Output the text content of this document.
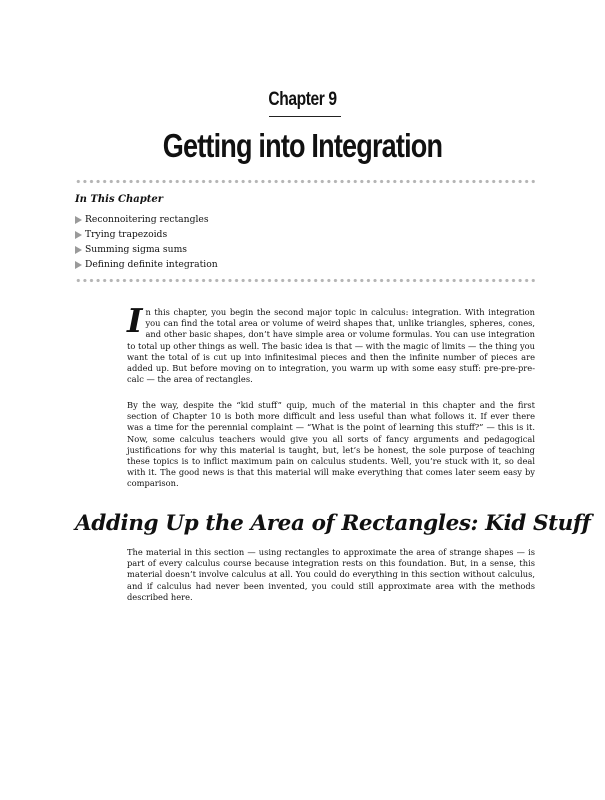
Chapter 9
Getting into Integration
In This Chapter
Reconnoitering rectangles
Trying trapezoids
Summing sigma sums
Defining definite integration

In this chapter, you begin the second major topic in calculus: integration. With integration you can find the total area or volume of weird shapes that, unlike triangles, spheres, cones, and other basic shapes, don’t have simple area or volume formulas. You can use integration to total up other things as well. The basic idea is that — with the magic of limits — the thing you want the total of is cut up into infinitesimal pieces and then the infinite number of pieces are added up. But before moving on to integration, you warm up with some easy stuff: pre-pre-pre-calc — the area of rectangles.

By the way, despite the “kid stuff” quip, much of the material in this chapter and the first section of Chapter 10 is both more difficult and less useful than what follows it. If ever there was a time for the perennial complaint — “What is the point of learning this stuff?” — this is it. Now, some calculus teachers would give you all sorts of fancy arguments and pedagogical justifications for why this material is taught, but, let’s be honest, the sole purpose of teaching these topics is to inflict maximum pain on calculus students. Well, you’re stuck with it, so deal with it. The good news is that this material will make everything that comes later seem easy by comparison.

Adding Up the Area of Rectangles: Kid Stuff

The material in this section — using rectangles to approximate the area of strange shapes — is part of every calculus course because integration rests on this foundation. But, in a sense, this material doesn’t involve calculus at all. You could do everything in this section without calculus, and if calculus had never been invented, you could still approximate area with the methods described here.
